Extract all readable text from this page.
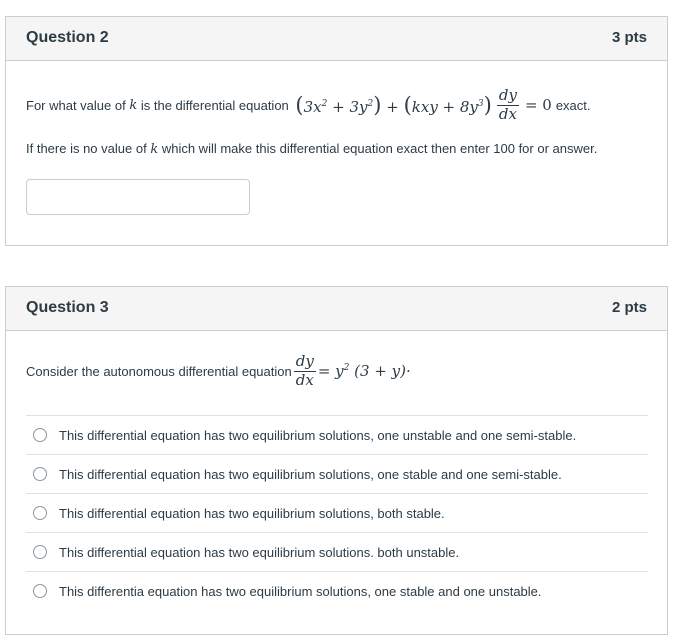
Question 2	3 pts
For what value of
k
is the differential equation
$(3x^2 + 3y^2) + (kxy + 8y^3) \frac{dy}{dx} = 0$ exact.
If there is no value of k which will make this differential equation exact then enter 100 for or answer.
Question 3	2 pts
Consider the autonomous differential equation $\frac{dy}{dx} = y^2$ (3 + y)·
This differential equation has two equilibrium solutions, one unstable and one semi-stable.
This differential equation has two equilibrium solutions, one stable and one semi-stable.
This differential equation has two equilibrium solutions, both stable.
This differential equation has two equilibrium solutions. both unstable.
This differentia equation has two equilibrium solutions, one stable and one unstable.
